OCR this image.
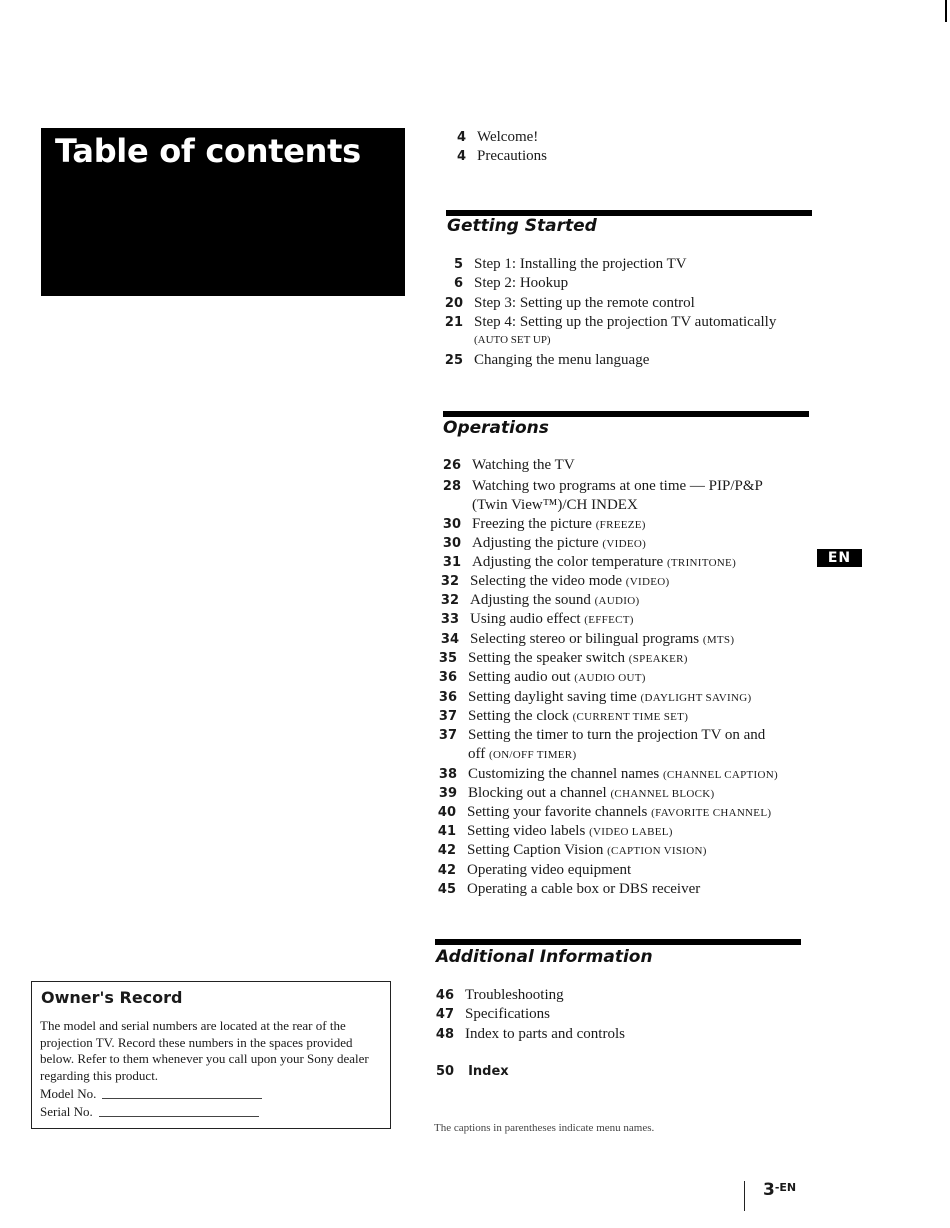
Table of contents	4 Welcome!
4 Precautions
Getting Started
5 Step 1: Installing the projection TV
6 Step 2: Hookup
20 Step 3: Setting up the remote control
21 Step 4: Setting up the projection TV automatically
(AUTO SET UP)
25 Changing the menu language
Operations
26 Watching the TV
28 Watching two programs at one time — PIP/P&P
(Twin View™)/CH INDEX
30 Freezing the picture (FREEZE)
30 Adjusting the picture (VIDEO)
31 Adjusting the color temperature (TRINITONE)
32 Selecting the video mode (VIDEO)
32 Adjusting the sound (AUDIO)
33 Using audio effect (EFFECT)
34 Selecting stereo or bilingual programs (MTS)
35 Setting the speaker switch (SPEAKER)
36 Setting audio out (AUDIO OUT)
36 Setting daylight saving time (DAYLIGHT SAVING)
37 Setting the clock (CURRENT TIME SET)
37 Setting the timer to turn the projection TV on and
off (ON/OFF TIMER)
38 Customizing the channel names (CHANNEL CAPTION)
39 Blocking out a channel (CHANNEL BLOCK)
40 Setting your favorite channels (FAVORITE CHANNEL)
41 Setting video labels (VIDEO LABEL)
42 Setting Caption Vision (CAPTION VISION)
42 Operating video equipment
45 Operating a cable box or DBS receiver
Additional Information
46 Troubleshooting
47 Specifications
48 Index to parts and controls
50 Index
EN
Owner's Record
The model and serial numbers are located at the rear of the projection TV. Record these numbers in the spaces provided below. Refer to them whenever you call upon your Sony dealer regarding this product.
Model No.
Serial No.
The captions in parentheses indicate menu names.
$3^{-EN}$
